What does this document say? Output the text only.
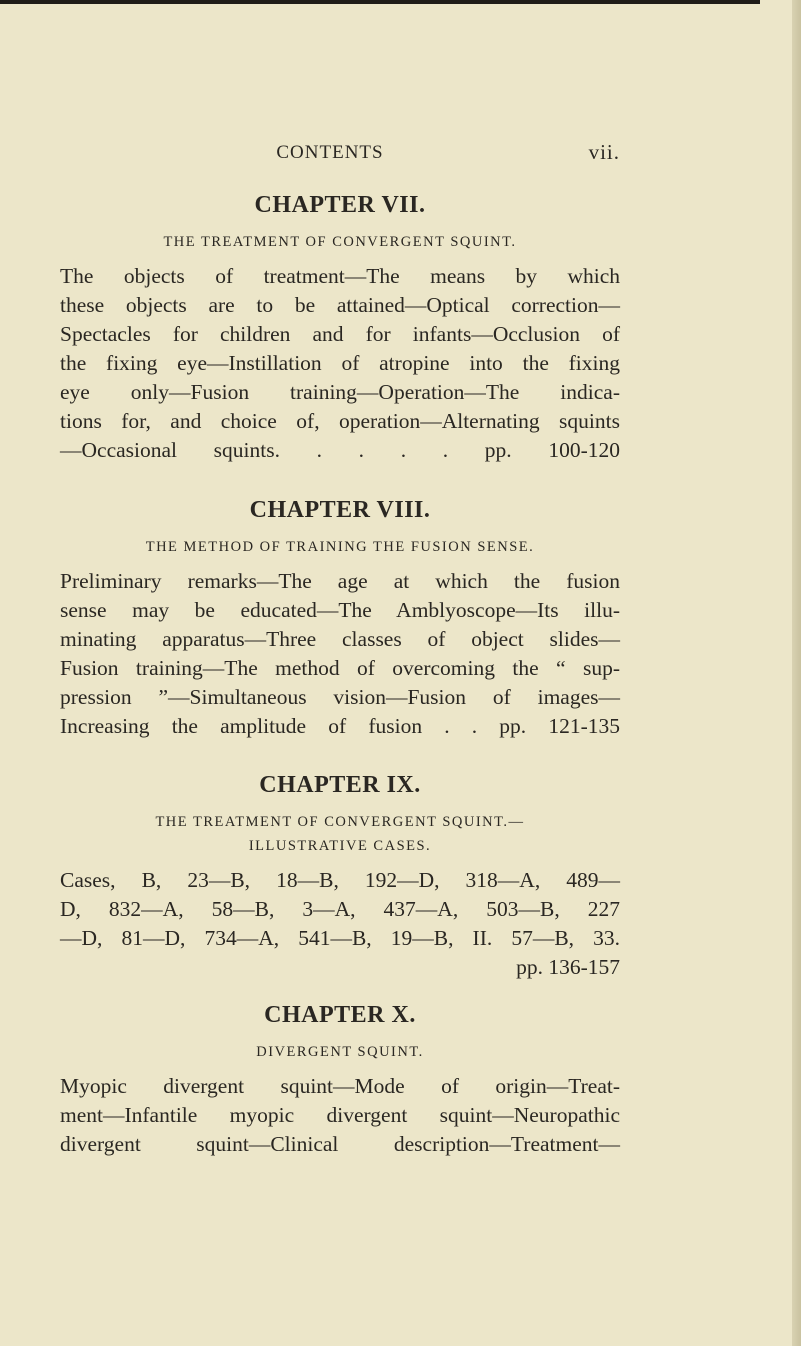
CONTENTS	vii.
CHAPTER VII.

THE TREATMENT OF CONVERGENT SQUINT.

The objects of treatment—The means by which
these objects are to be attained—Optical correction—
Spectacles for children and for infants—Occlusion of
the fixing eye—Instillation of atropine into the fixing
eye only—Fusion training—Operation—The indica-
tions for, and choice of, operation—Alternating squints
—Occasional squints. . . . . pp. 100-120
CHAPTER VIII.

THE METHOD OF TRAINING THE FUSION SENSE.

Preliminary remarks—The age at which the fusion
sense may be educated—The Amblyoscope—Its illu-
minating apparatus—Three classes of object slides—
Fusion training—The method of overcoming the “ sup-
pression ”—Simultaneous vision—Fusion of images—
Increasing the amplitude of fusion . . pp. 121-135
CHAPTER IX.

THE TREATMENT OF CONVERGENT SQUINT.—

ILLUSTRATIVE CASES.

Cases, B, 23—B, 18—B, 192—D, 318—A, 489—
D, 832—A, 58—B, 3—A, 437—A, 503—B, 227
—D, 81—D, 734—A, 541—B, 19—B, II. 57—B, 33.
pp. 136-157
CHAPTER X.

DIVERGENT SQUINT.

Myopic divergent squint—Mode of origin—Treat-
ment—Infantile myopic divergent squint—Neuropathic
divergent squint—Clinical description—Treatment—
